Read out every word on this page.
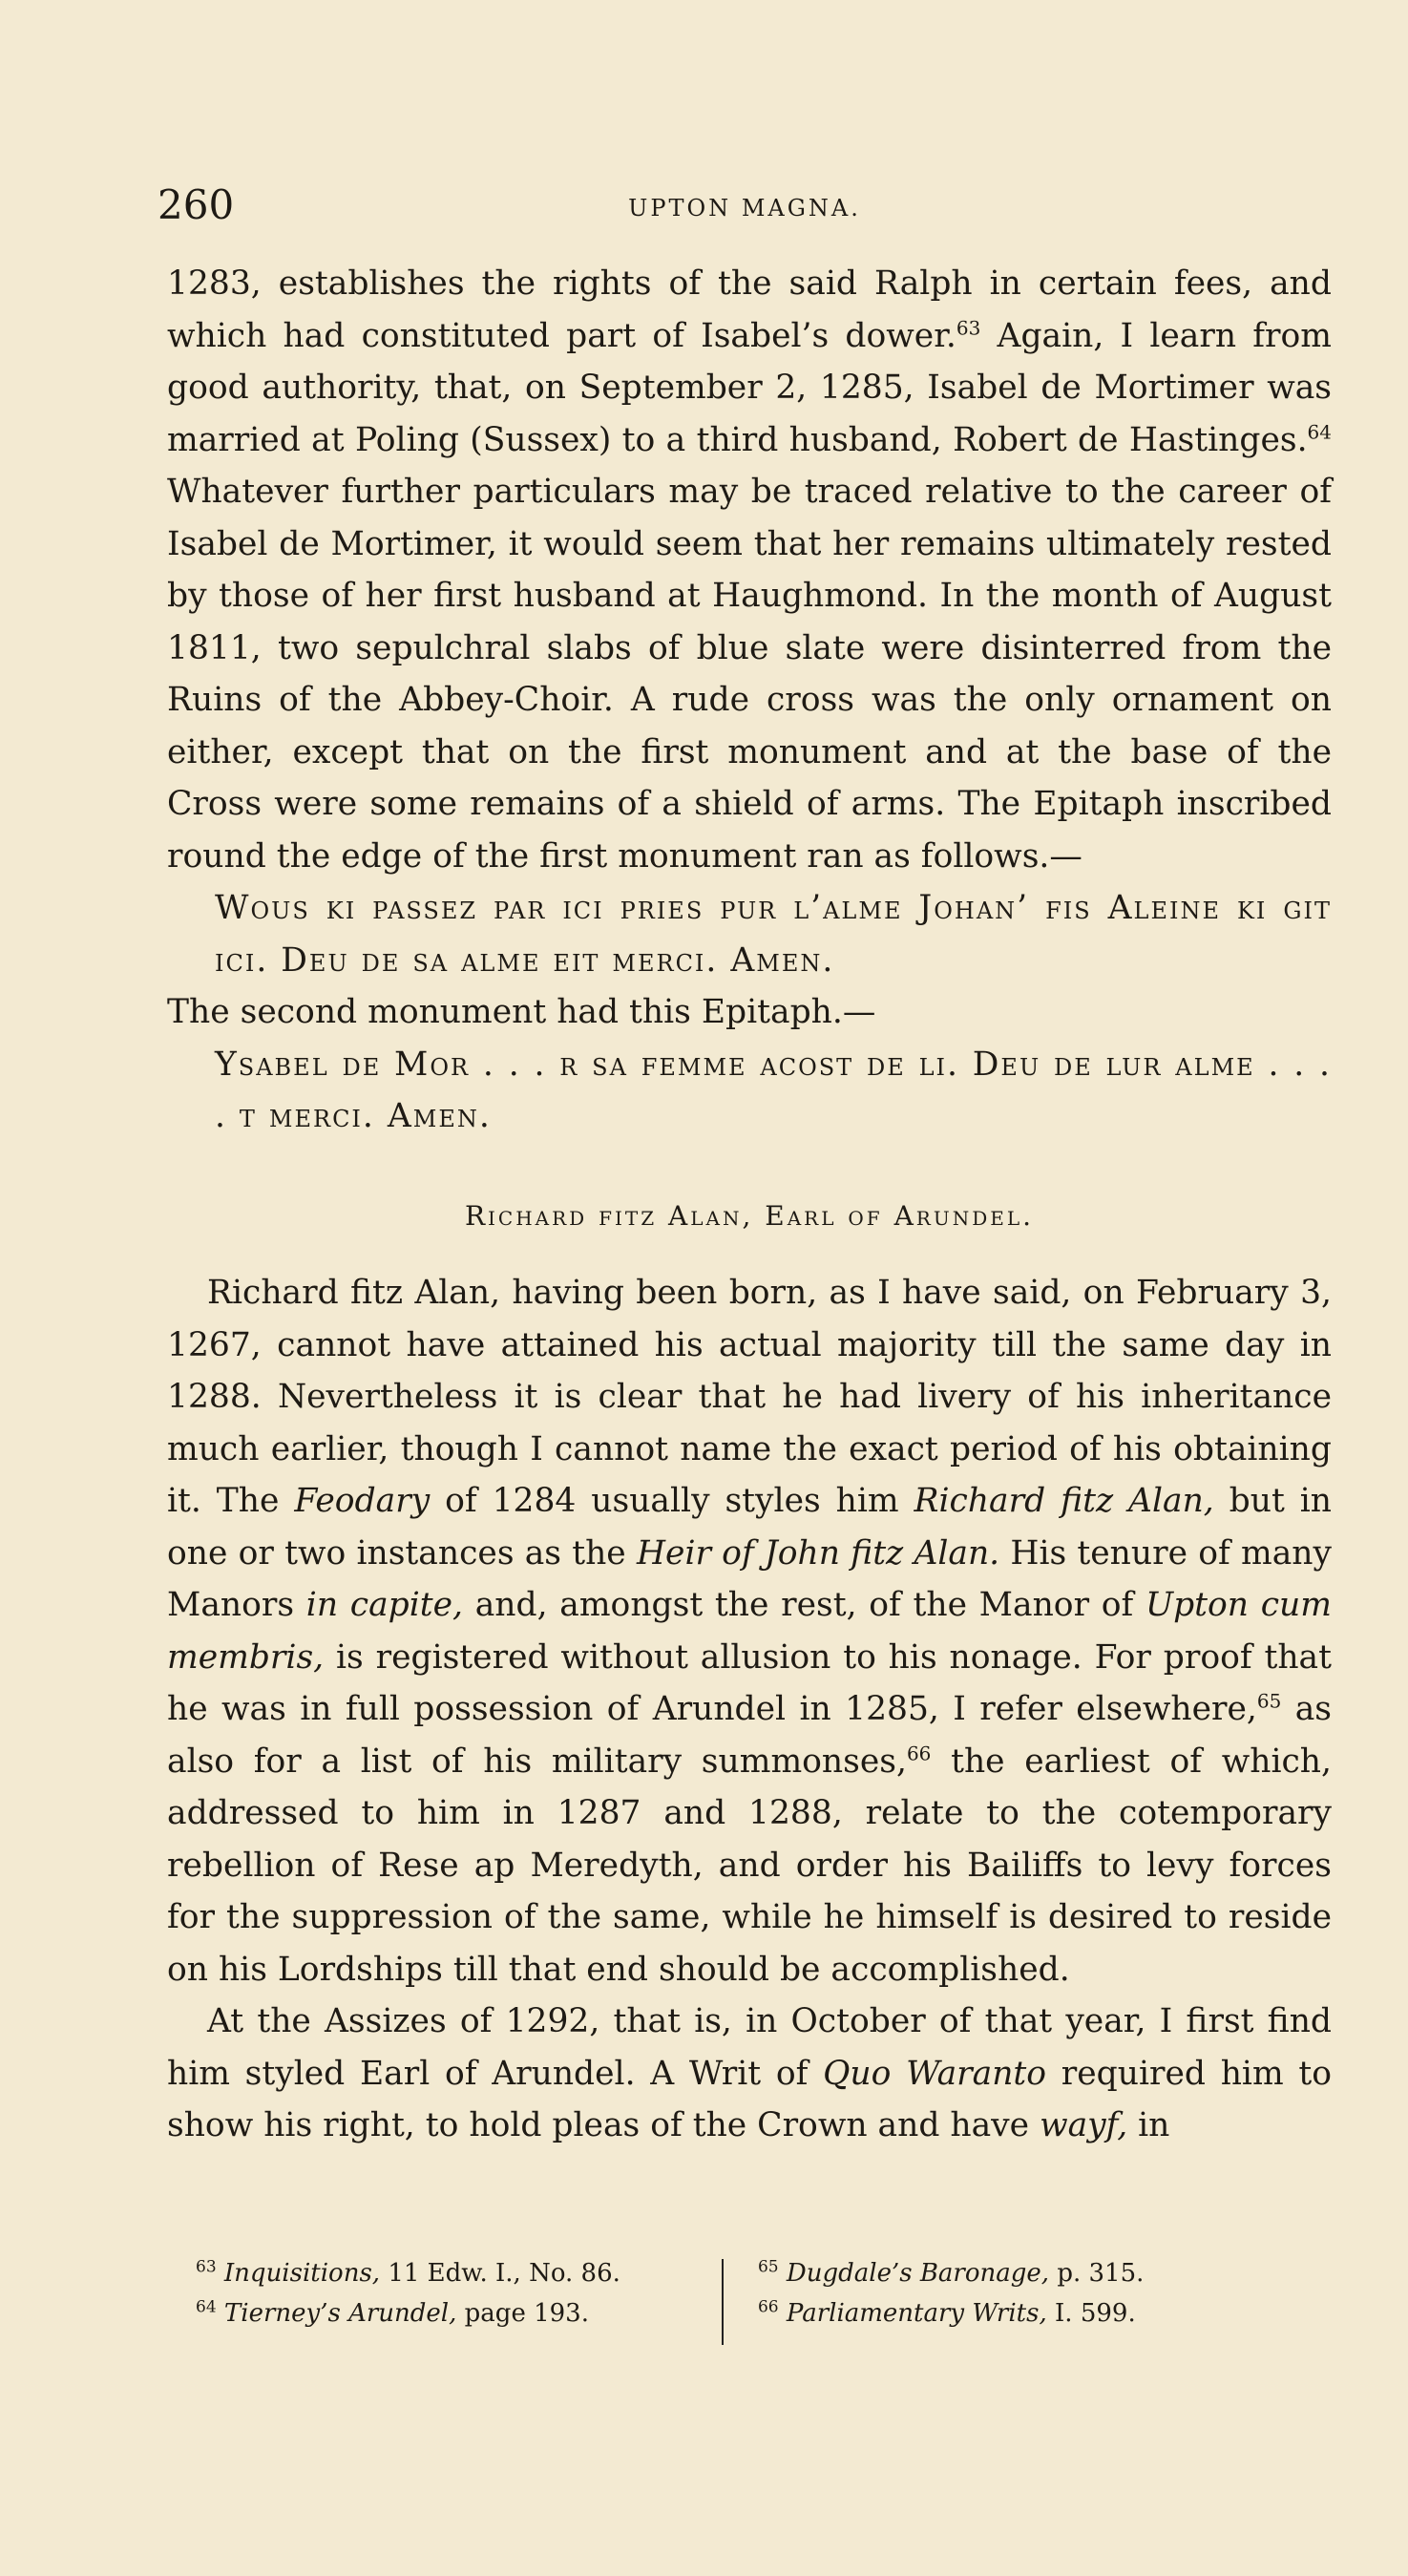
260	UPTON MAGNA.

1283, establishes the rights of the said Ralph in certain fees, and which had constituted part of Isabel’s dower.$^{63}$ Again, I learn from good authority, that, on September 2, 1285, Isabel de Mortimer was married at Poling (Sussex) to a third husband, Robert de Hastinges.$^{64}$ Whatever further particulars may be traced relative to the career of Isabel de Mortimer, it would seem that her remains ultimately rested by those of her first husband at Haughmond. In the month of August 1811, two sepulchral slabs of blue slate were disinterred from the Ruins of the Abbey-Choir. A rude cross was the only ornament on either, except that on the first monument and at the base of the Cross were some remains of a shield of arms. The Epitaph inscribed round the edge of the first monument ran as follows.—

Wous ki passez par ici pries pur l’alme Johan’ fis Aleine ki git ici. Deu de sa alme eit merci. Amen.

The second monument had this Epitaph.—

Ysabel de Mor . . . r sa femme acost de li. Deu de lur alme . . . . t merci. Amen.

Richard fitz Alan, Earl of Arundel.

Richard fitz Alan, having been born, as I have said, on February 3, 1267, cannot have attained his actual majority till the same day in 1288. Nevertheless it is clear that he had livery of his inheritance much earlier, though I cannot name the exact period of his obtaining it. The Feodary of 1284 usually styles him Richard fitz Alan, but in one or two instances as the Heir of John fitz Alan. His tenure of many Manors in capite, and, amongst the rest, of the Manor of Upton cum membris, is registered without allusion to his nonage. For proof that he was in full possession of Arundel in 1285, I refer elsewhere,$^{65}$ as also for a list of his military summonses,$^{66}$ the earliest of which, addressed to him in 1287 and 1288, relate to the cotemporary rebellion of Rese ap Meredyth, and order his Bailiffs to levy forces for the suppression of the same, while he himself is desired to reside on his Lordships till that end should be accomplished.

At the Assizes of 1292, that is, in October of that year, I first find him styled Earl of Arundel. A Writ of Quo Waranto required him to show his right, to hold pleas of the Crown and have wayf, in

$^{63}$ Inquisitions, 11 Edw. I., No. 86.

$^{64}$ Tierney’s Arundel, page 193.

$^{65}$ Dugdale’s Baronage, p. 315.

$^{66}$ Parliamentary Writs, I. 599.
